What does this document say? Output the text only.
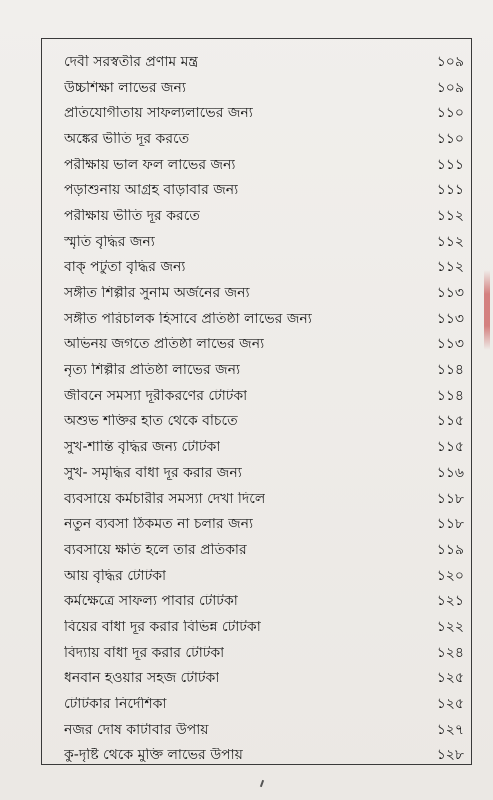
দেবী সরস্বতীর প্রণাম মন্ত্র	১০৯
উচ্চশিক্ষা লাভের জন্য	১০৯
প্রতিযোগীতায় সাফল্যলাভের জন্য	১১০
অঙ্কের ভীতি দূর করতে	১১০
পরীক্ষায় ভাল ফল লাভের জন্য	১১১
পড়াশুনায় আগ্রহ বাড়াবার জন্য	১১১
পরীক্ষায় ভীতি দূর করতে	১১২
স্মৃতি বৃদ্ধির জন্য	১১২
বাক্ পটুতা বৃদ্ধির জন্য	১১২
সঙ্গীত শিল্পীর সুনাম অর্জনের জন্য	১১৩
সঙ্গীত পরিচালক হিসাবে প্রতিষ্ঠা লাভের জন্য	১১৩
অভিনয় জগতে প্রতিষ্ঠা লাভের জন্য	১১৩
নৃত্য শিল্পীর প্রতিষ্ঠা লাভের জন্য	১১৪
জীবনে সমস্যা দূরীকরণের টোটকা	১১৪
অশুভ শক্তির হাত থেকে বাঁচতে	১১৫
সুখ-শান্তি বৃদ্ধির জন্য টোটকা	১১৫
সুখ- সমৃদ্ধির বাঁধা দূর করার জন্য	১১৬
ব্যবসায়ে কর্মচারীর সমস্যা দেখা দিলে	১১৮
নতুন ব্যবসা ঠিকমত না চলার জন্য	১১৮
ব্যবসায়ে ক্ষতি হলে তার প্রতিকার	১১৯
আয় বৃদ্ধির টোটকা	১২০
কর্মক্ষেত্রে সাফল্য পাবার টোটকা	১২১
বিয়ের বাঁধা দূর করার বিভিন্ন টোটকা	১২২
বিদ্যায় বাঁধা দূর করার টোটকা	১২৪
ধনবান হওয়ার সহজ টোটকা	১২৫
টোটকার নির্দেশিকা	১২৫
নজর দোষ কাটাবার উপায়	১২৭
কু-দৃষ্টি থেকে মুক্তি লাভের উপায়	১২৮
